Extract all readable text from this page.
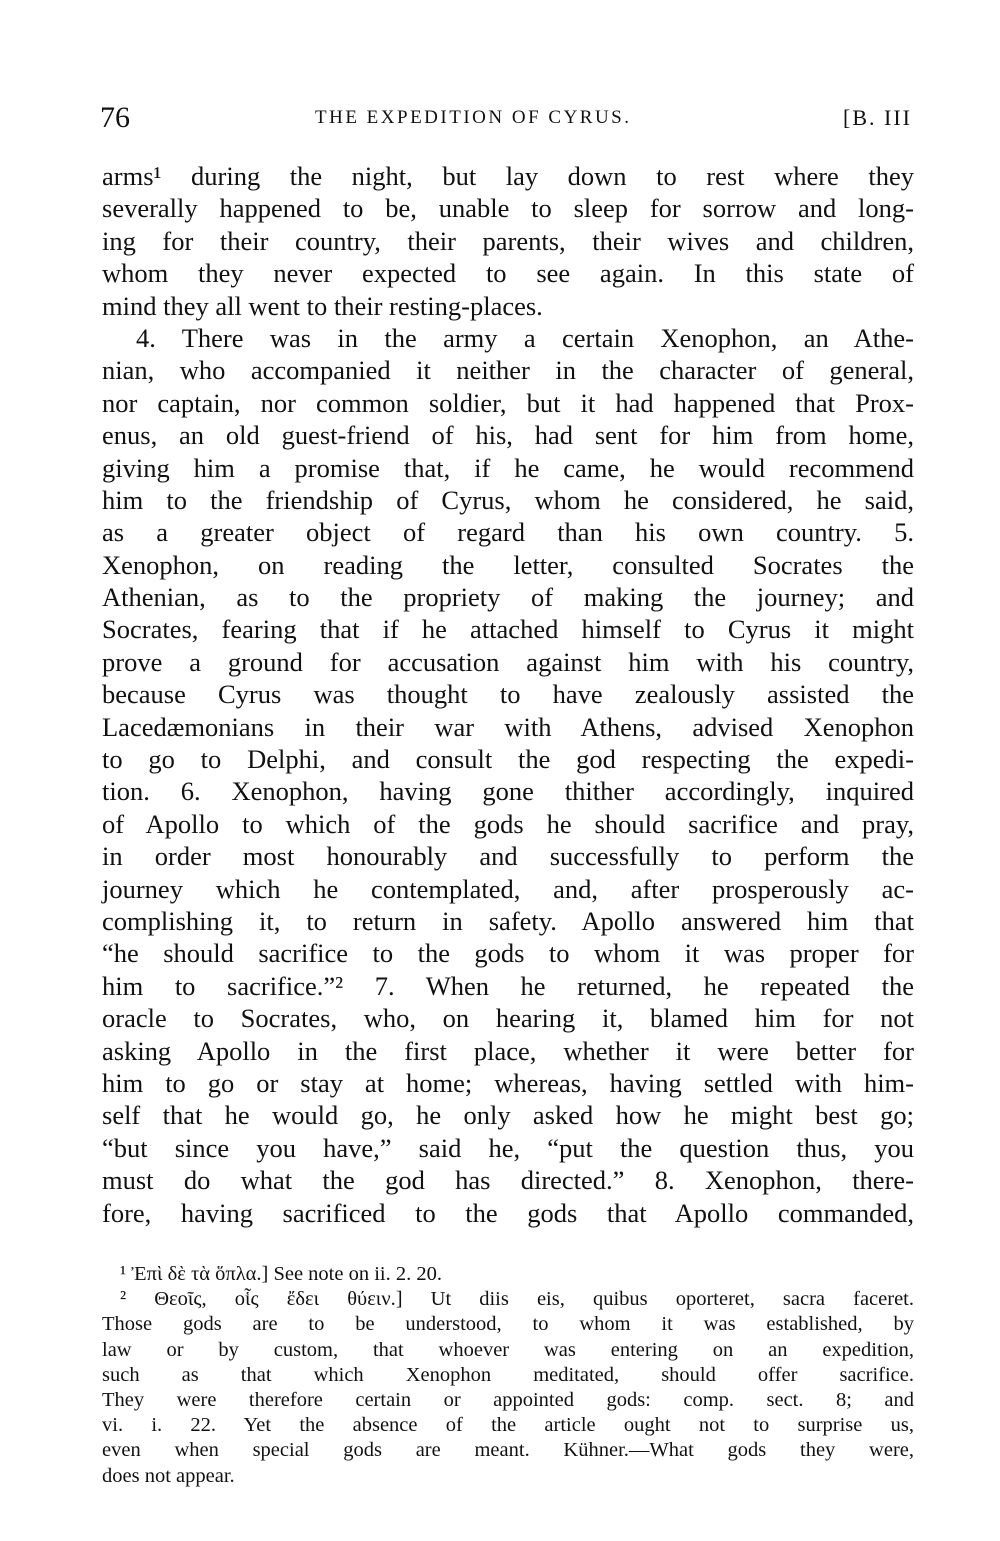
76	THE EXPEDITION OF CYRUS.	[B. III
arms¹ during the night, but lay down to rest where they
severally happened to be, unable to sleep for sorrow and long-
ing for their country, their parents, their wives and children,
whom they never expected to see again. In this state of
mind they all went to their resting-places.
4. There was in the army a certain Xenophon, an Athe-
nian, who accompanied it neither in the character of general,
nor captain, nor common soldier, but it had happened that Prox-
enus, an old guest-friend of his, had sent for him from home,
giving him a promise that, if he came, he would recommend
him to the friendship of Cyrus, whom he considered, he said,
as a greater object of regard than his own country. 5.
Xenophon, on reading the letter, consulted Socrates the
Athenian, as to the propriety of making the journey; and
Socrates, fearing that if he attached himself to Cyrus it might
prove a ground for accusation against him with his country,
because Cyrus was thought to have zealously assisted the
Lacedæmonians in their war with Athens, advised Xenophon
to go to Delphi, and consult the god respecting the expedi-
tion. 6. Xenophon, having gone thither accordingly, inquired
of Apollo to which of the gods he should sacrifice and pray,
in order most honourably and successfully to perform the
journey which he contemplated, and, after prosperously ac-
complishing it, to return in safety. Apollo answered him that
“he should sacrifice to the gods to whom it was proper for
him to sacrifice.”² 7. When he returned, he repeated the
oracle to Socrates, who, on hearing it, blamed him for not
asking Apollo in the first place, whether it were better for
him to go or stay at home; whereas, having settled with him-
self that he would go, he only asked how he might best go;
“but since you have,” said he, “put the question thus, you
must do what the god has directed.” 8. Xenophon, there-
fore, having sacrificed to the gods that Apollo commanded,
¹ Ἐπὶ δὲ τὰ ὅπλα.] See note on ii. 2. 20.
² Θεοῖς, οἷς ἔδει θύειν.] Ut diis eis, quibus oporteret, sacra faceret.
Those gods are to be understood, to whom it was established, by
law or by custom, that whoever was entering on an expedition,
such as that which Xenophon meditated, should offer sacrifice.
They were therefore certain or appointed gods: comp. sect. 8; and
vi. i. 22. Yet the absence of the article ought not to surprise us,
even when special gods are meant. Kühner.—What gods they were,
does not appear.
